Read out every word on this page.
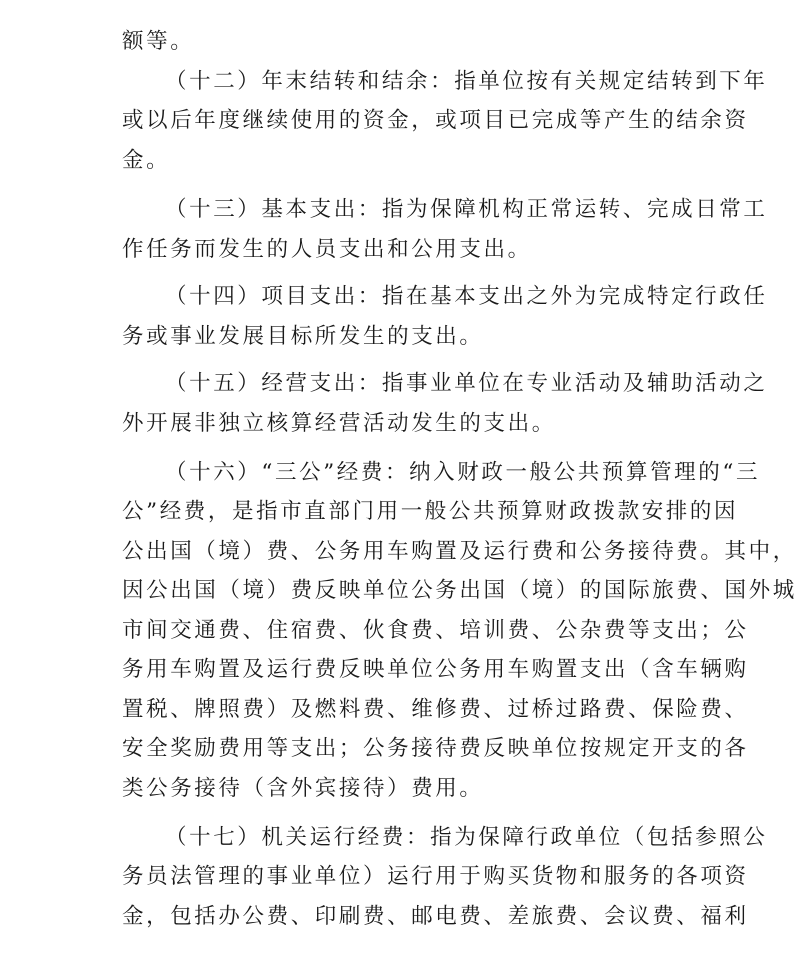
额等。
（十二）年末结转和结余：指单位按有关规定结转到下年
或以后年度继续使用的资金，或项目已完成等产生的结余资
金。
（十三）基本支出：指为保障机构正常运转、完成日常工
作任务而发生的人员支出和公用支出。
（十四）项目支出：指在基本支出之外为完成特定行政任
务或事业发展目标所发生的支出。
（十五）经营支出：指事业单位在专业活动及辅助活动之
外开展非独立核算经营活动发生的支出。
（十六）“三公”经费：纳入财政一般公共预算管理的“三
公”经费，是指市直部门用一般公共预算财政拨款安排的因
公出国（境）费、公务用车购置及运行费和公务接待费。其中，
因公出国（境）费反映单位公务出国（境）的国际旅费、国外城
市间交通费、住宿费、伙食费、培训费、公杂费等支出；公
务用车购置及运行费反映单位公务用车购置支出（含车辆购
置税、牌照费）及燃料费、维修费、过桥过路费、保险费、
安全奖励费用等支出；公务接待费反映单位按规定开支的各
类公务接待（含外宾接待）费用。
（十七）机关运行经费：指为保障行政单位（包括参照公
务员法管理的事业单位）运行用于购买货物和服务的各项资
金，包括办公费、印刷费、邮电费、差旅费、会议费、福利
